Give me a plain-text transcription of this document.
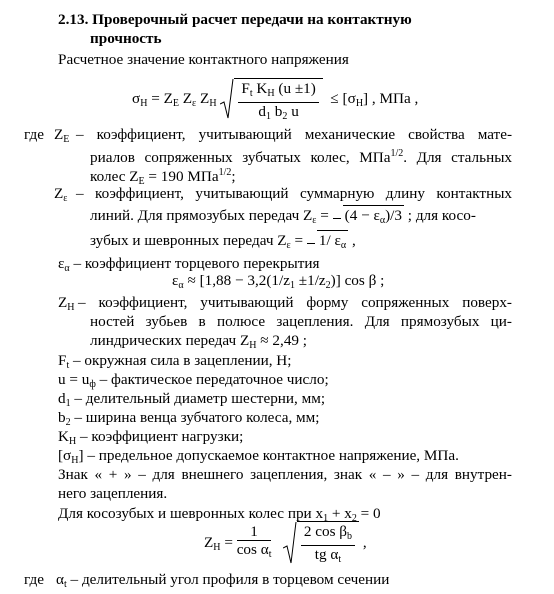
2.13. Проверочный расчет передачи на контактную
прочность
Расчетное значение контактного напряжения
$\sigma_H = Z_E$ $Z_\varepsilon$ $Z_H \frac{F_t K_H (u \pm 1)}{d_1 b_2 u} \le [\sigma_H]$ , МПа ,
где $Z_E$ – коэффициент, учитывающий механические свойства мате-
риалов сопряженных зубчатых колес, МПа$^{1/2}$. Для стальных
колес $Z_E = 190$ МПа$^{1/2}$;
$Z_\varepsilon$ – коэффициент, учитывающий суммарную длину контактных
линий. Для прямозубых передач $Z_\varepsilon = (4 - \varepsilon_\alpha)/3$ ; для косо-
зубых и шевронных передач $Z_\varepsilon = 1/$ $\varepsilon_\alpha$ ,
$\varepsilon_\alpha$ – коэффициент торцевого перекрытия
$\varepsilon_\alpha \approx [1,88 - 3,2(1/z_1 \pm 1/z_2)]$ cos β ;
$Z_H$ – коэффициент, учитывающий форму сопряженных поверх-
ностей зубьев в полюсе зацепления. Для прямозубых ци-
линдрических передач $Z_H \approx 2,49$ ;
$F_t$ – окружная сила в зацеплении, Н;
$u = u_ф$ – фактическое передаточное число;
$d_1$ – делительный диаметр шестерни, мм;
$b_2$ – ширина венца зубчатого колеса, мм;
$K_H$ – коэффициент нагрузки;
$[\sigma_H]$ – предельное допускаемое контактное напряжение, МПа.
Знак « + » – для внешнего зацепления, знак « – » – для внутрен-
него зацепления.
Для косозубых и шевронных колес при $x_1 + x_2 = 0$
$Z_H = \frac{1}{\cos \alpha_t}$
$\frac{2 \cos \beta_b}{tg \alpha_t}$ ,
где $\alpha_t$ – делительный угол профиля в торцевом сечении
